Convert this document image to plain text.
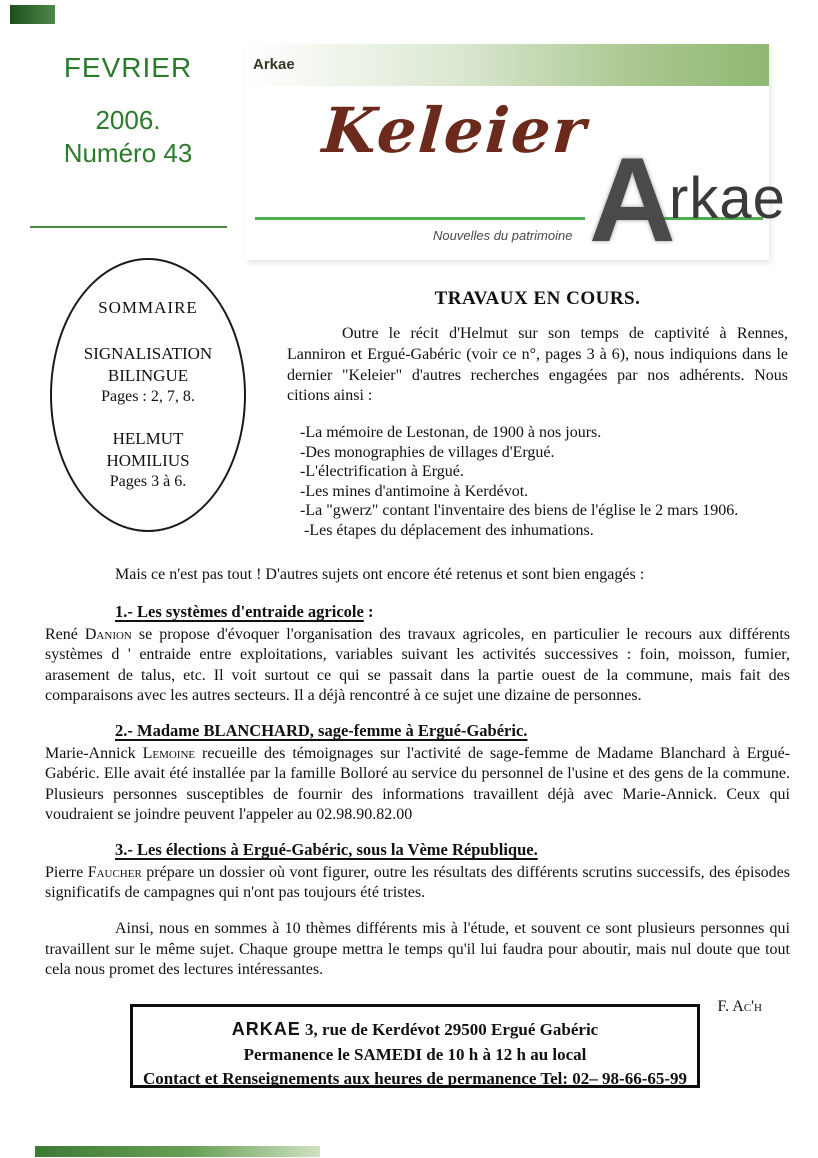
FEVRIER
2006.
Numéro 43
Arkae
Keleier
Nouvelles du patrimoine A
rkae
SOMMAIRE
SIGNALISATION
BILINGUE
Pages : 2, 7, 8.
HELMUT
HOMILIUS
Pages 3 à 6.
TRAVAUX EN COURS.

Outre le récit d'Helmut sur son temps de captivité à Rennes, Lanniron et Ergué-Gabéric (voir ce n°, pages 3 à 6), nous indiquions dans le dernier "Keleier" d'autres recherches engagées par nos adhérents. Nous citions ainsi :

-La mémoire de Lestonan, de 1900 à nos jours.
-Des monographies de villages d'Ergué.
-L'électrification à Ergué.
-Les mines d'antimoine à Kerdévot.
-La "gwerz" contant l'inventaire des biens de l'église le 2 mars 1906.
-Les étapes du déplacement des inhumations.

Mais ce n'est pas tout ! D'autres sujets ont encore été retenus et sont bien engagés :

1.- Les systèmes d'entraide agricole :

René Danion se propose d'évoquer l'organisation des travaux agricoles, en particulier le recours aux différents systèmes d ' entraide entre exploitations, variables suivant les activités successives : foin, moisson, fumier, arasement de talus, etc. Il voit surtout ce qui se passait dans la partie ouest de la commune, mais fait des comparaisons avec les autres secteurs. Il a déjà rencontré à ce sujet une dizaine de personnes.

2.- Madame BLANCHARD, sage-femme à Ergué-Gabéric.

Marie-Annick Lemoine recueille des témoignages sur l'activité de sage-femme de Madame Blanchard à Ergué-Gabéric. Elle avait été installée par la famille Bolloré au service du personnel de l'usine et des gens de la commune. Plusieurs personnes susceptibles de fournir des informations travaillent déjà avec Marie-Annick. Ceux qui voudraient se joindre peuvent l'appeler au 02.98.90.82.00

3.- Les élections à Ergué-Gabéric, sous la Vème République.

Pierre Faucher prépare un dossier où vont figurer, outre les résultats des différents scrutins successifs, des épisodes significatifs de campagnes qui n'ont pas toujours été tristes.

Ainsi, nous en sommes à 10 thèmes différents mis à l'étude, et souvent ce sont plusieurs personnes qui travaillent sur le même sujet. Chaque groupe mettra le temps qu'il lui faudra pour aboutir, mais nul doute que tout cela nous promet des lectures intéressantes.

F. Ac'h
ARKAE 3, rue de Kerdévot 29500 Ergué Gabéric
Permanence le SAMEDI de 10 h à 12 h au local
Contact et Renseignements aux heures de permanence Tel: 02– 98-66-65-99
